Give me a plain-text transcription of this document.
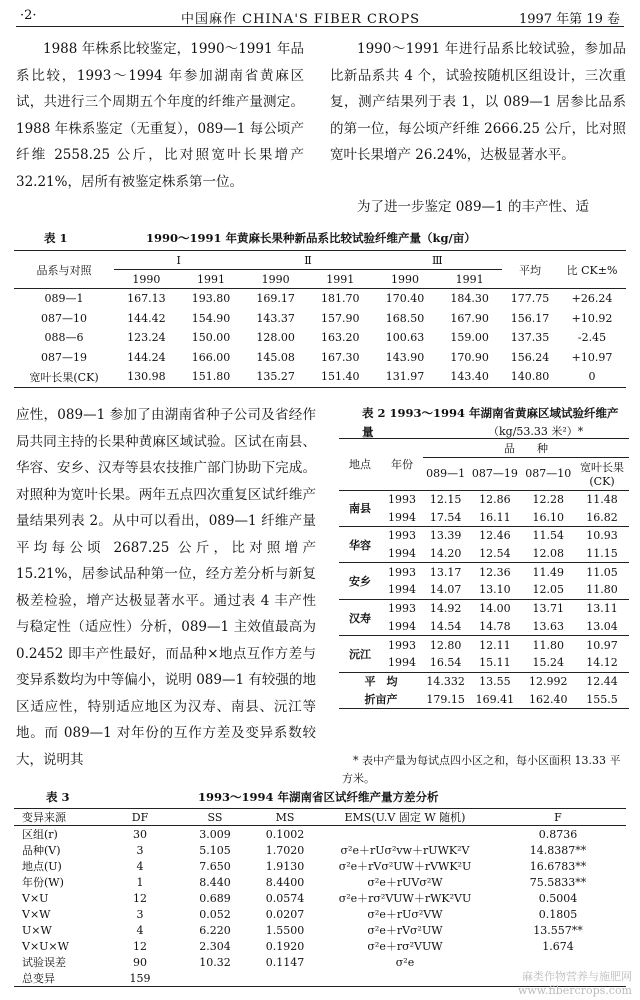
·2·	中国麻作 CHINA'S FIBER CROPS	1997 年第 19 卷
1988 年株系比较鉴定，1990～1991 年品系比较，1993～1994 年参加湖南省黄麻区试，共进行三个周期五个年度的纤维产量测定。1988 年株系鉴定（无重复），089—1 每公顷产纤维 2558.25 公斤，比对照宽叶长果增产 32.21%，居所有被鉴定株系第一位。
1990～1991 年进行品系比较试验，参加品比新品系共 4 个，试验按随机区组设计，三次重复，测产结果列于表 1，以 089—1 居参比品系的第一位，每公顷产纤维 2666.25 公斤，比对照宽叶长果增产 26.24%，达极显著水平。
为了进一步鉴定 089—1 的丰产性、适
表 1	1990～1991 年黄麻长果种新品系比较试验纤维产量（kg/亩）
品系与对照	Ⅰ		Ⅱ		Ⅲ		平均	比 CK±%
	1990	1991	1990	1991	1990	1991		
089—1	167.13	193.80	169.17	181.70	170.40	184.30	177.75	+26.24
087—10	144.42	154.90	143.37	157.90	168.50	167.90	156.17	+10.92
088—6	123.24	150.00	128.00	163.20	100.63	159.00	137.35	-2.45
087—19	144.24	166.00	145.08	167.30	143.90	170.90	156.24	+10.97
宽叶长果(CK)	130.98	151.80	135.27	151.40	131.97	143.40	140.80	0
应性，089—1 参加了由湖南省种子公司及省经作局共同主持的长果种黄麻区域试验。区试在南县、华容、安乡、汉寿等县农技推广部门协助下完成。对照种为宽叶长果。两年五点四次重复区试纤维产量结果列表 2。从中可以看出，089—1 纤维产量平均每公顷 2687.25 公斤，比对照增产 15.21%，居参试品种第一位，经方差分析与新复极差检验，增产达极显著水平。通过表 4 丰产性与稳定性（适应性）分析，089—1 主效值最高为 0.2452 即丰产性最好，而品种×地点互作方差与变异系数均为中等偏小，说明 089—1 有较强的地区适应性，特别适应地区为汉寿、南县、沅江等地。而 089—1 对年份的互作方差及变异系数较大，说明其
表 2 1993～1994 年湖南省黄麻区域试验纤维产量	（kg/53.33 米²）*
地点	年份	品　　种			
		089—1	087—19	087—10	宽叶长果 (CK)
南县	1993	12.15	12.86	12.28	11.48
	1994	17.54	16.11	16.10	16.82
华容	1993	13.39	12.46	11.54	10.93
	1994	14.20	12.54	12.08	11.15
安乡	1993	13.17	12.36	11.49	11.05
	1994	14.07	13.10	12.05	11.80
汉寿	1993	14.92	14.00	13.71	13.11
	1994	14.54	14.78	13.63	13.04
沅江	1993	12.80	12.11	11.80	10.97
	1994	16.54	15.11	15.24	14.12
平　均		14.332	13.55	12.992	12.44
折亩产		179.15	169.41	162.40	155.5
* 表中产量为每试点四小区之和，每小区面积 13.33 平方米。
表 3	1993～1994 年湖南省区试纤维产量方差分析
变异来源	DF	SS	MS	EMS(U.V 固定 W 随机)	F
区组(r)	30	3.009	0.1002		0.8736
品种(V)	3	5.105	1.7020	σ²e＋rUσ²vw＋rUWK²V	14.8387**
地点(U)	4	7.650	1.9130	σ²e＋rVσ²UW＋rVWK²U	16.6783**
年份(W)	1	8.440	8.4400	σ²e＋rUVσ²W	75.5833**
V×U	12	0.689	0.0574	σ²e＋rσ²VUW＋rWK²VU	0.5004
V×W	3	0.052	0.0207	σ²e＋rUσ²VW	0.1805
U×W	4	6.220	1.5500	σ²e＋rVσ²UW	13.557**
V×U×W	12	2.304	0.1920	σ²e＋rσ²VUW	1.674
试验误差	90	10.32	0.1147	σ²e	
总变异	159					麻类作物营养与施肥网
www.fibercrops.com
